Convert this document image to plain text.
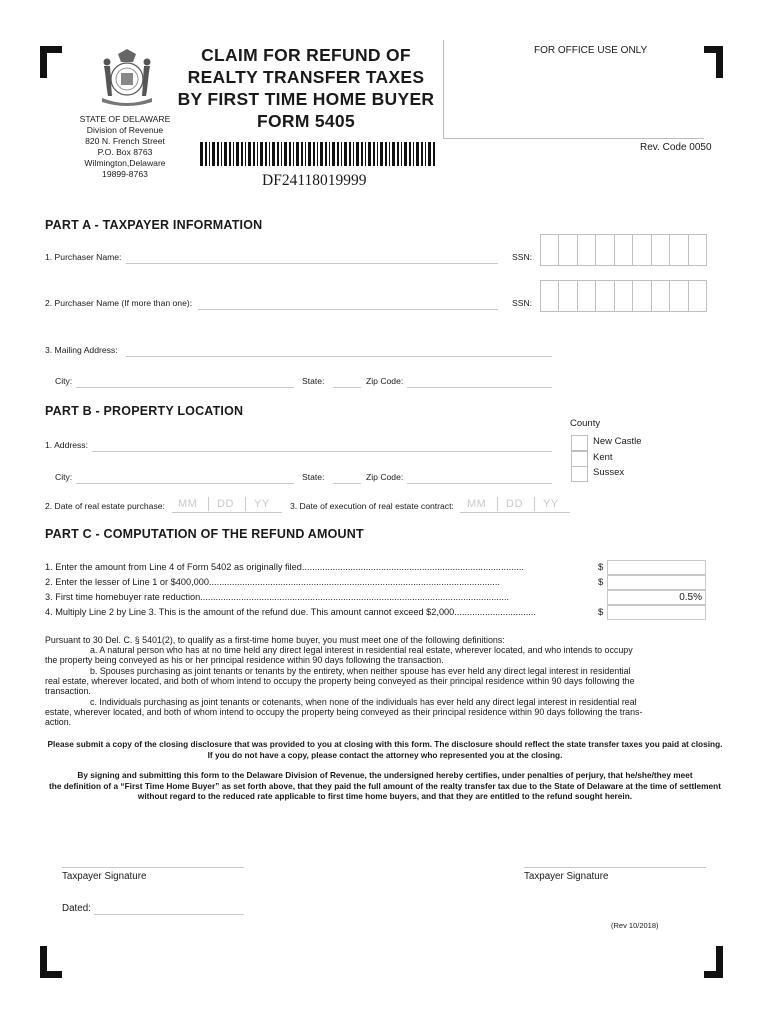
CLAIM FOR REFUND OF
REALTY TRANSFER TAXES
BY FIRST TIME HOME BUYER
FORM 5405
STATE OF DELAWARE
Division of Revenue
820 N. French Street
P.O. Box 8763
Wilmington,Delaware
19899-8763
FOR OFFICE USE ONLY
Rev. Code 0050
DF24118019999
PART A - TAXPAYER INFORMATION
1. Purchaser Name:	SSN:
2. Purchaser Name (If more than one):	SSN:
3. Mailing Address:
City:	State:	Zip Code:
PART B - PROPERTY LOCATION
County
New Castle
Kent
Sussex
1. Address:
City:	State:	Zip Code:
2. Date of real estate purchase: MM DD YY 3. Date of execution of real estate contract: MM DD YY
PART C - COMPUTATION OF THE REFUND AMOUNT
1. Enter the amount from Line 4 of Form 5402 as originally filed.......................................................................................	$
2. Enter the lesser of Line 1 or $400,000..................................................................................................................	$
3. First time homebuyer rate reduction.........................................................................................................................	0.5%
4. Multiply Line 2 by Line 3. This is the amount of the refund due. This amount cannot exceed $2,000................................	$
Pursuant to 30 Del. C. § 5401(2), to qualify as a first-time home buyer, you must meet one of the following definitions:
a. A natural person who has at no time held any direct legal interest in residential real estate, wherever located, and who intends to occupy
the property being conveyed as his or her principal residence within 90 days following the transaction.
b. Spouses purchasing as joint tenants or tenants by the entirety, when neither spouse has ever held any direct legal interest in residential
real estate, wherever located, and both of whom intend to occupy the property being conveyed as their principal residence within 90 days following the
transaction.
c. Individuals purchasing as joint tenants or cotenants, when none of the individuals has ever held any direct legal interest in residential real
estate, wherever located, and both of whom intend to occupy the property being conveyed as their principal residence within 90 days following the trans-
action.
Please submit a copy of the closing disclosure that was provided to you at closing with this form. The disclosure should reflect the state transfer taxes you paid at closing.
If you do not have a copy, please contact the attorney who represented you at the closing.
By signing and submitting this form to the Delaware Division of Revenue, the undersigned hereby certifies, under penalties of perjury, that he/she/they meet
the definition of a “First Time Home Buyer” as set forth above, that they paid the full amount of the realty transfer tax due to the State of Delaware at the time of settlement
without regard to the reduced rate applicable to first time home buyers, and that they are entitled to the refund sought herein.
Taxpayer Signature	Taxpayer Signature
Dated:
(Rev 10/2018)
